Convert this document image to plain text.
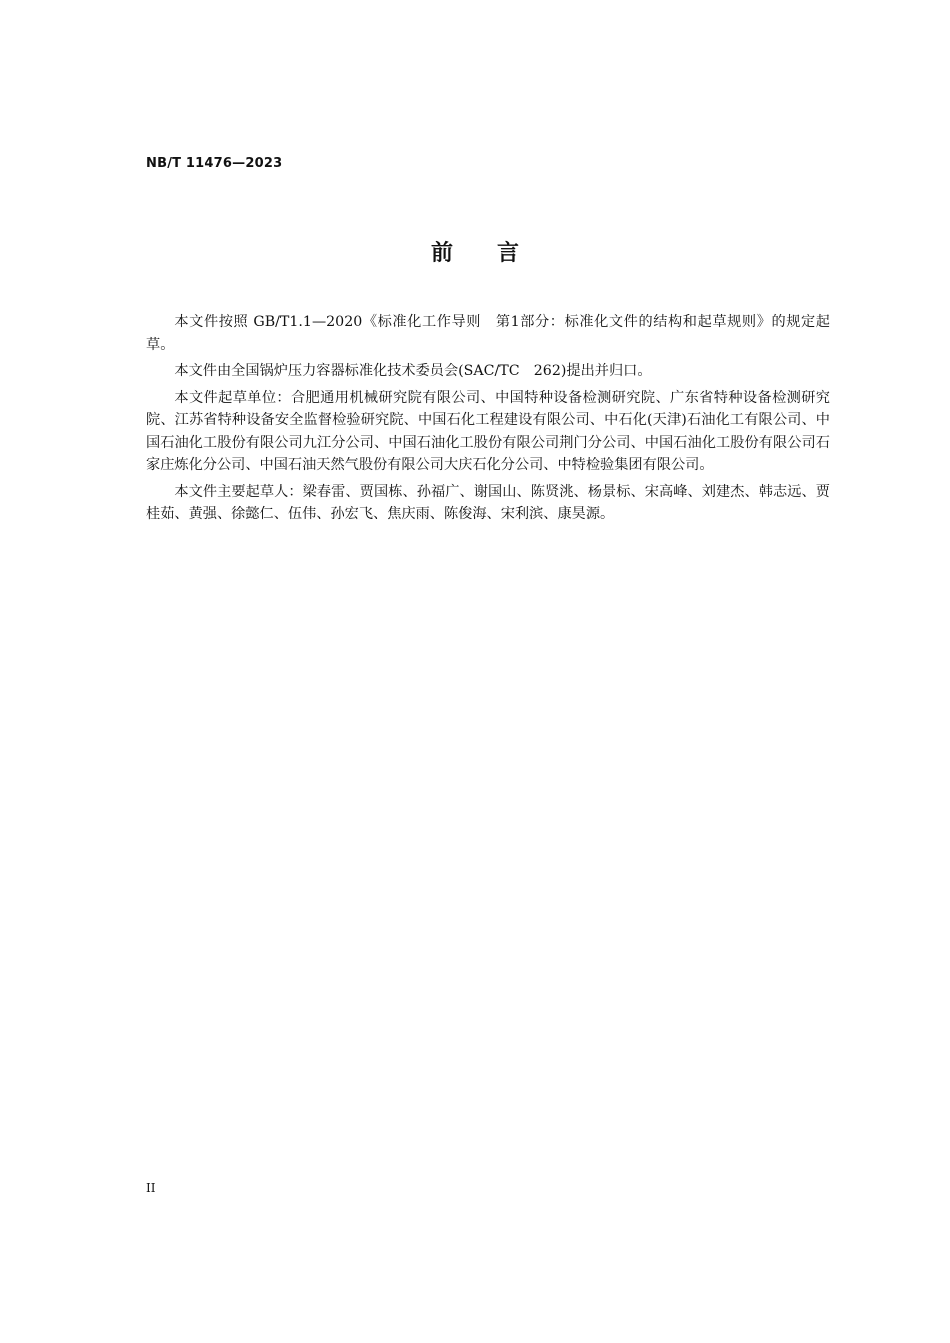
NB/T 11476—2023
前 言

本文件按照 GB/T1.1—2020《标准化工作导则　第1部分：标准化文件的结构和起草规则》的规定起草。

本文件由全国锅炉压力容器标准化技术委员会(SAC/TC　262)提出并归口。

本文件起草单位：合肥通用机械研究院有限公司、中国特种设备检测研究院、广东省特种设备检测研究院、江苏省特种设备安全监督检验研究院、中国石化工程建设有限公司、中石化(天津)石油化工有限公司、中国石油化工股份有限公司九江分公司、中国石油化工股份有限公司荆门分公司、中国石油化工股份有限公司石家庄炼化分公司、中国石油天然气股份有限公司大庆石化分公司、中特检验集团有限公司。

本文件主要起草人：梁春雷、贾国栋、孙福广、谢国山、陈贤洮、杨景标、宋高峰、刘建杰、韩志远、贾桂茹、黄强、徐懿仁、伍伟、孙宏飞、焦庆雨、陈俊海、宋利滨、康昊源。

II
